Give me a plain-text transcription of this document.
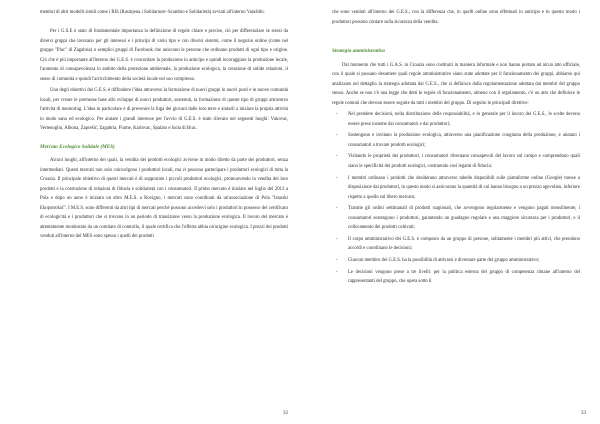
membri di altri modelli simili come i RIS (Rasmjena i Solidarnost–Scambio e Solidarietà) avviati all'interno Varaždin.

Per i G.S.E è stato di fondamentale importanza la definizione di regole chiare e precise, ciò per differenziare se stessi da diversi gruppi che lavorano per gli interessi e i principi di vario tipo e con diversi sistemi, come il negozio online (come nel gruppo "Plac" di Zagabria) o semplici gruppi di Facebook che uniscono le persone che ordinano prodotti di ogni tipo e origine. Ciò che è più importante all'interno dei G.E.S. è concordare la produzione in anticipo e quindi incoraggiare la produzione locale, l'aumento di consapevolezza in ambito della protezione ambientale, la produzione ecologica, la creazione di solide relazioni, il senso di comunità e quindi l'arricchimento della società locale nel suo complesso.

Uno degli obiettivi dei G.E.S. è diffondere l'idea attraverso la formazione di nuovi gruppi in nuovi posti e in nuove comunità locali, per creare le premesse base allo sviluppo di nuovi produttori, sostenuti, la formazione di queste tipo di gruppi attraverso l'attività di mentoring. L'idea in particolare è di prevenire la fuga dei giovani dalle loro terre e aiutarli a iniziare la propria attività in modo sano ed ecologico. Per aiutare i grandi interesse per l'avvio di G.E.S. è stato rilevato nei seguenti luoghi: Vukovar, Vertenoglio, Albona, Zaprešić, Zagabria, Fiume, Karlovac, Spalato e Isola di Brac.

Mercato Ecologico Solidale (MES)

Alcuni luoghi, all'interno dei quali, la vendita dei prodotti ecologici avviene in modo diretto da parte dei produttori, senza intermediari. Questi mercati non solo coinvolgono i produttori locali, ma vi possono partecipare i produttori ecologici di tutta la Croazia. Il principale obiettivo di questi mercati è di supportare i piccoli produttori ecologici, promuovendo la vendita dei loro prodotti e la costruzione di relazioni di fiducia e solidarietà con i consumatori. Il primo mercato è iniziato nel luglio del 2013 a Pola e dopo un anno è iniziato un altro M.E.S. a Rovigno, i mercati sono coordinati da un'associazione di Pola "Istarski Ekopotrošač". I M.E.S. sono differenti da altri tipi di mercati perché possono accedervi solo i produttori in possesso del certificato di ecologicità e i produttori che si trovano in un periodo di transizione verso la produzione ecologica. Il lavoro del mercato è attentamente monitorato da un comitato di controllo, il quale certifica che l'offerta abbia un'origine ecologica. I prezzi dei prodotti venduti all'interno del MES sono spesso i quelli dei prodotti

32

che sono venduti all'interno dei G.E.S., con la differenza che, in quelli online sono effettuati in anticipo e in questo modo i produttori possono contare sulla sicurezza della vendita.

Strategia amministrativa

Dal momento che tutti i G.A.S. in Croazia sono costituiti in maniera informale e non hanno portato ad alcun atto ufficiale, con il quale si possano desumere quali regole amministrative siano state adottate per il funzionamento dei gruppi, abbiamo qui analizzato nel dettaglio la strategia adottata dai G.E.S., che si definisce dalla regolamentazione adottata dai membri del gruppo stesso. Anche se non c'è una legge che detti le regole di funzionamento, almeno con il regolamento, c'è un atto che definisce le regole comuni che devono essere seguite da tutti i membri del gruppo. Di seguito le principali direttive:

- Nel prendere decisioni, nella distribuzione delle responsabilità, e in generale per il lavoro dei G.E.S., le scelte devono essere prese insieme dai consumatori e dai produttori;
- Sostengono e invitano la produzione ecologica, attraverso una pianificazione congiunta della produzione, e aiutano i consumatori a trovare prodotti ecologici;
- Visitando le proprietà dei produttori, i consumatori diventano consapevoli del lavoro sul campo e comprendono quali siano le specificità dei prodotti ecologici, costruendo così legami di fiducia;
- I membri ordinano i prodotti che desiderano attraverso tabelle disponibili sulle piattaforme online (Google) messe a disposizione dai produttori, in questo modo si assicurano la quantità di cui hanno bisogno a un prezzo agevolato, inferiore rispetto a quello sul libero mercato;
- Tramite gli ordini settimanali di prodotti stagionali, che avvengono regolarmente e vengono pagati mensilmente, i consumatori sostengono i produttori, garantendo un guadagno regolare e una maggiore sicurezza per i produttori, e il collocamento dei prodotti coltivati;
- Il corpo amministrativo dei G.E.S. è composto da un gruppo di persone, solitamente i membri più attivi, che prendono accordi e coordinano le decisioni;
- Ciascun membro dei G.E.S. ha la possibilità di attivarsi e diventare parte del gruppo amministrativo;
- Le decisioni vengono prese a tre livelli: per la politica esterna del gruppo di competenza rimane all'interno del rappresentanti del gruppo, che opera sotto il
33
